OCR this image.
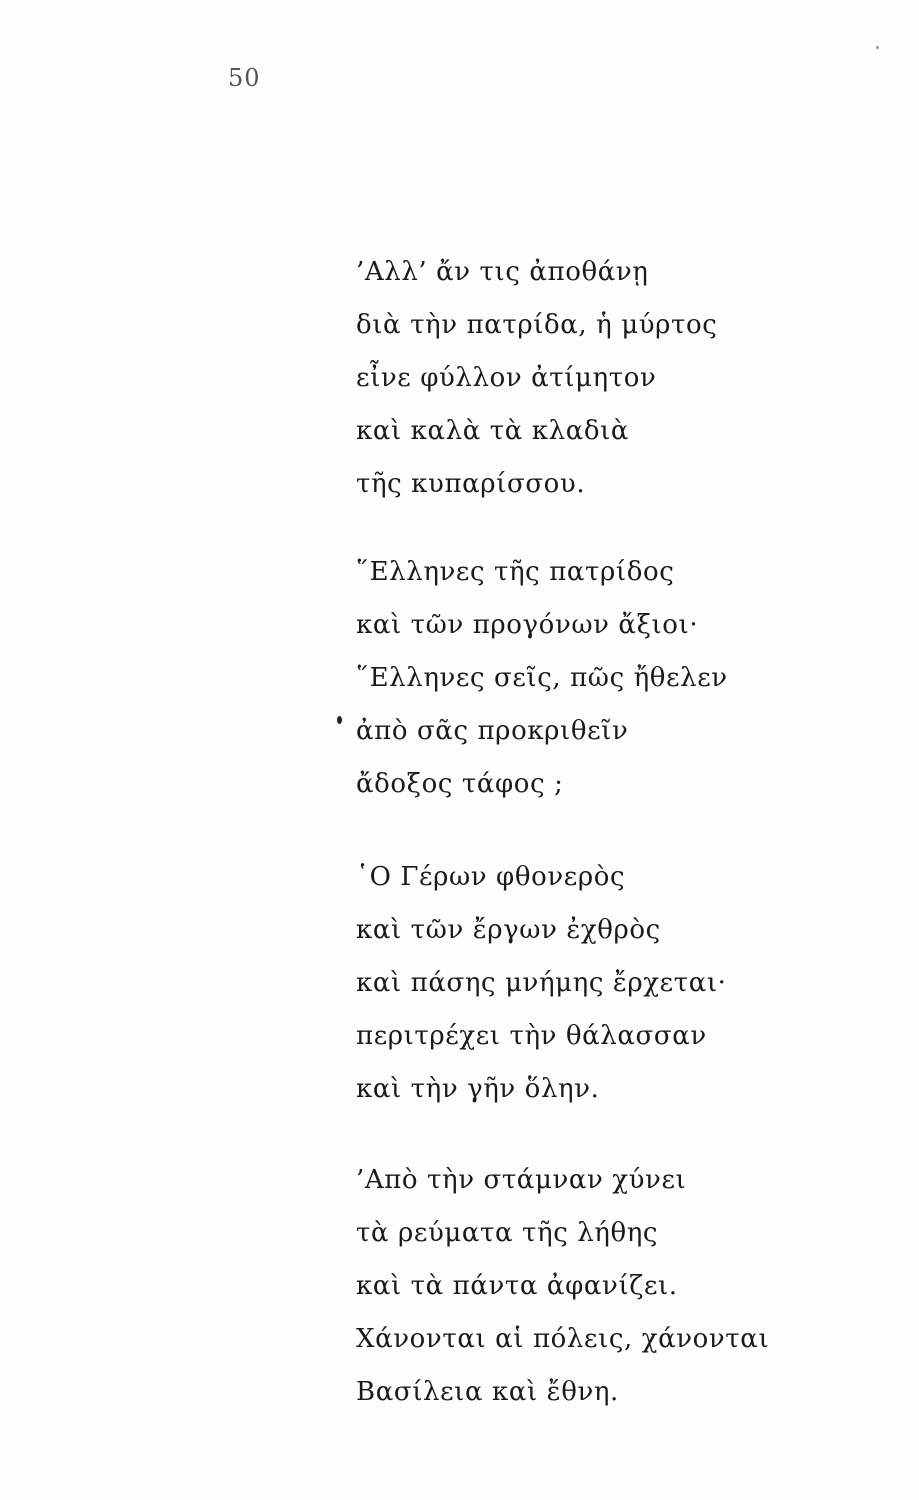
50
’Αλλ’ ἄν τις ἀποθάνῃ
διὰ τὴν πατρίδα, ἡ μύρτος
εἶνε φύλλον ἀτίμητον
καὶ καλὰ τὰ κλαδιὰ
τῆς κυπαρίσσου.
῞Ελληνες τῆς πατρίδος
καὶ τῶν προγόνων ἄξιοι·
῞Ελληνες σεῖς, πῶς ἤθελεν
ἀπὸ σᾶς προκριθεῖν
ἄδοξος τάφος ;
῾Ο Γέρων φθονερὸς
καὶ τῶν ἔργων ἐχθρὸς
καὶ πάσης μνήμης ἔρχεται·
περιτρέχει τὴν θάλασσαν
καὶ τὴν γῆν ὅλην.
’Απὸ τὴν στάμναν χύνει
τὰ ρεύματα τῆς λήθης
καὶ τὰ πάντα ἀφανίζει.
Χάνονται αἱ πόλεις, χάνονται
Βασίλεια καὶ ἔθνη.
